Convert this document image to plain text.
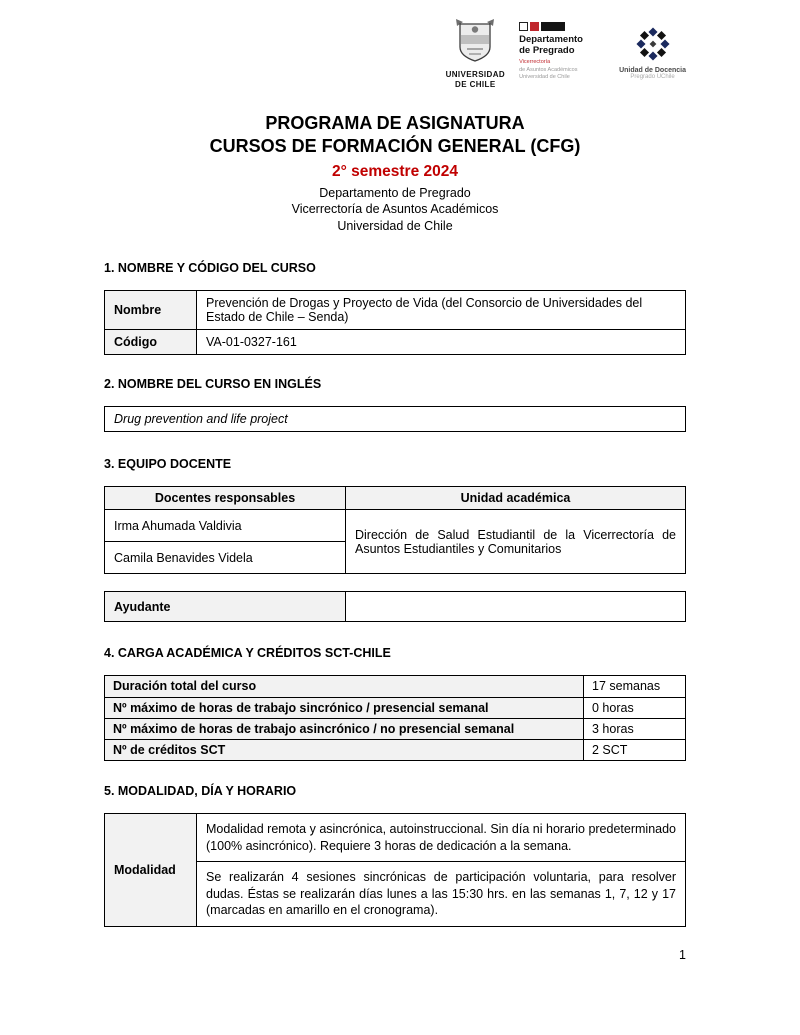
UNIVERSIDAD
DE CHILE
Departamento de Pregrado
Vicerrectoría
de Asuntos Académicos
Universidad de Chile
Unidad de Docencia
Pregrado UChile
PROGRAMA DE ASIGNATURA
CURSOS DE FORMACIÓN GENERAL (CFG)
2° semestre 2024
Departamento de Pregrado
Vicerrectoría de Asuntos Académicos
Universidad de Chile
1. NOMBRE Y CÓDIGO DEL CURSO
Nombre	Prevención de Drogas y Proyecto de Vida (del Consorcio de Universidades del Estado de Chile – Senda)
Código	VA-01-0327-161
2. NOMBRE DEL CURSO EN INGLÉS
Drug prevention and life project
3. EQUIPO DOCENTE
Docentes responsables	Unidad académica
Irma Ahumada Valdivia	Dirección de Salud Estudiantil de la Vicerrectoría de Asuntos Estudiantiles y Comunitarios
Camila Benavides Videla	
Ayudante	
4. CARGA ACADÉMICA Y CRÉDITOS SCT-CHILE
Duración total del curso	17 semanas
Nº máximo de horas de trabajo sincrónico / presencial semanal	0 horas
Nº máximo de horas de trabajo asincrónico / no presencial semanal	3 horas
Nº de créditos SCT	2 SCT
5. MODALIDAD, DÍA Y HORARIO
Modalidad	Modalidad remota y asincrónica, autoinstruccional. Sin día ni horario predeterminado (100% asincrónico). Requiere 3 horas de dedicación a la semana.
Se realizarán 4 sesiones sincrónicas de participación voluntaria, para resolver dudas. Éstas se realizarán días lunes a las 15:30 hrs. en las semanas 1, 7, 12 y 17 (marcadas en amarillo en el cronograma).
1
